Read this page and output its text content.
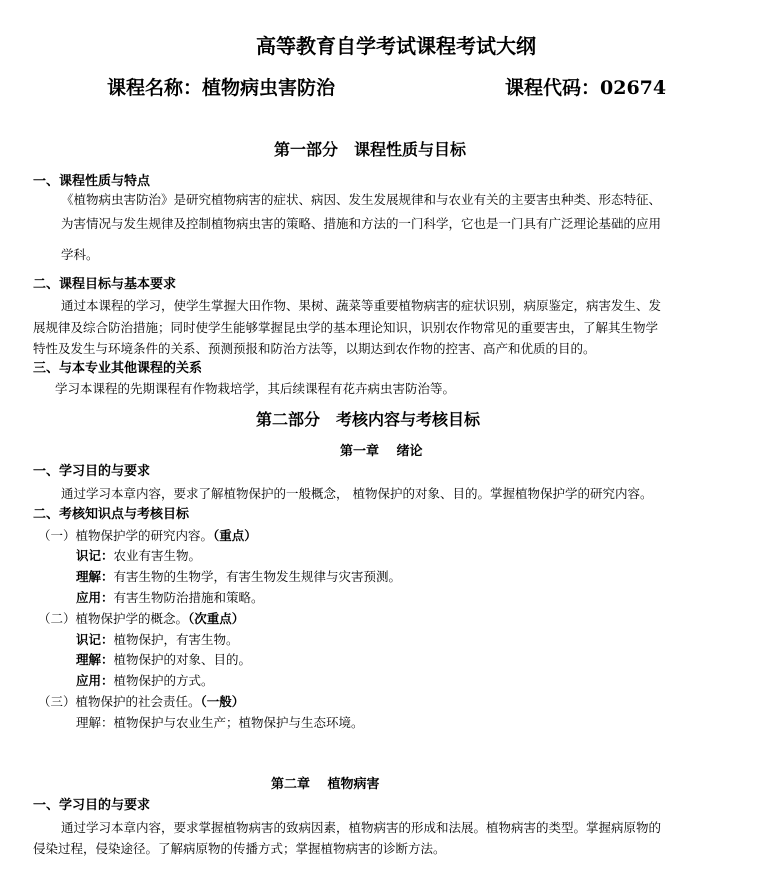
高等教育自学考试课程考试大纲
课程名称：植物病虫害防治	课程代码：02674
第一部分　课程性质与目标
一、课程性质与特点
《植物病虫害防治》是研究植物病害的症状、病因、发生发展规律和与农业有关的主要害虫种类、形态特征、
为害情况与发生规律及控制植物病虫害的策略、措施和方法的一门科学，它也是一门具有广泛理论基础的应用
学科。
二、课程目标与基本要求
通过本课程的学习，使学生掌握大田作物、果树、蔬菜等重要植物病害的症状识别，病原鉴定，病害发生、发
展规律及综合防治措施；同时使学生能够掌握昆虫学的基本理论知识，识别农作物常见的重要害虫，了解其生物学
特性及发生与环境条件的关系、预测预报和防治方法等，以期达到农作物的控害、高产和优质的目的。
三、与本专业其他课程的关系
学习本课程的先期课程有作物栽培学，其后续课程有花卉病虫害防治等。
第二部分　考核内容与考核目标
第一章　 绪论
一、学习目的与要求
通过学习本章内容，要求了解植物保护的一般概念， 植物保护的对象、目的。掌握植物保护学的研究内容。
二、考核知识点与考核目标
（一）植物保护学的研究内容。（重点）
识记：农业有害生物。
理解：有害生物的生物学，有害生物发生规律与灾害预测。
应用：有害生物防治措施和策略。
（二）植物保护学的概念。（次重点）
识记：植物保护，有害生物。
理解：植物保护的对象、目的。
应用：植物保护的方式。
（三）植物保护的社会责任。（一般）
理解：植物保护与农业生产；植物保护与生态环境。
第二章　 植物病害
一、学习目的与要求
通过学习本章内容，要求掌握植物病害的致病因素，植物病害的形成和法展。植物病害的类型。掌握病原物的
侵染过程，侵染途径。了解病原物的传播方式；掌握植物病害的诊断方法。
